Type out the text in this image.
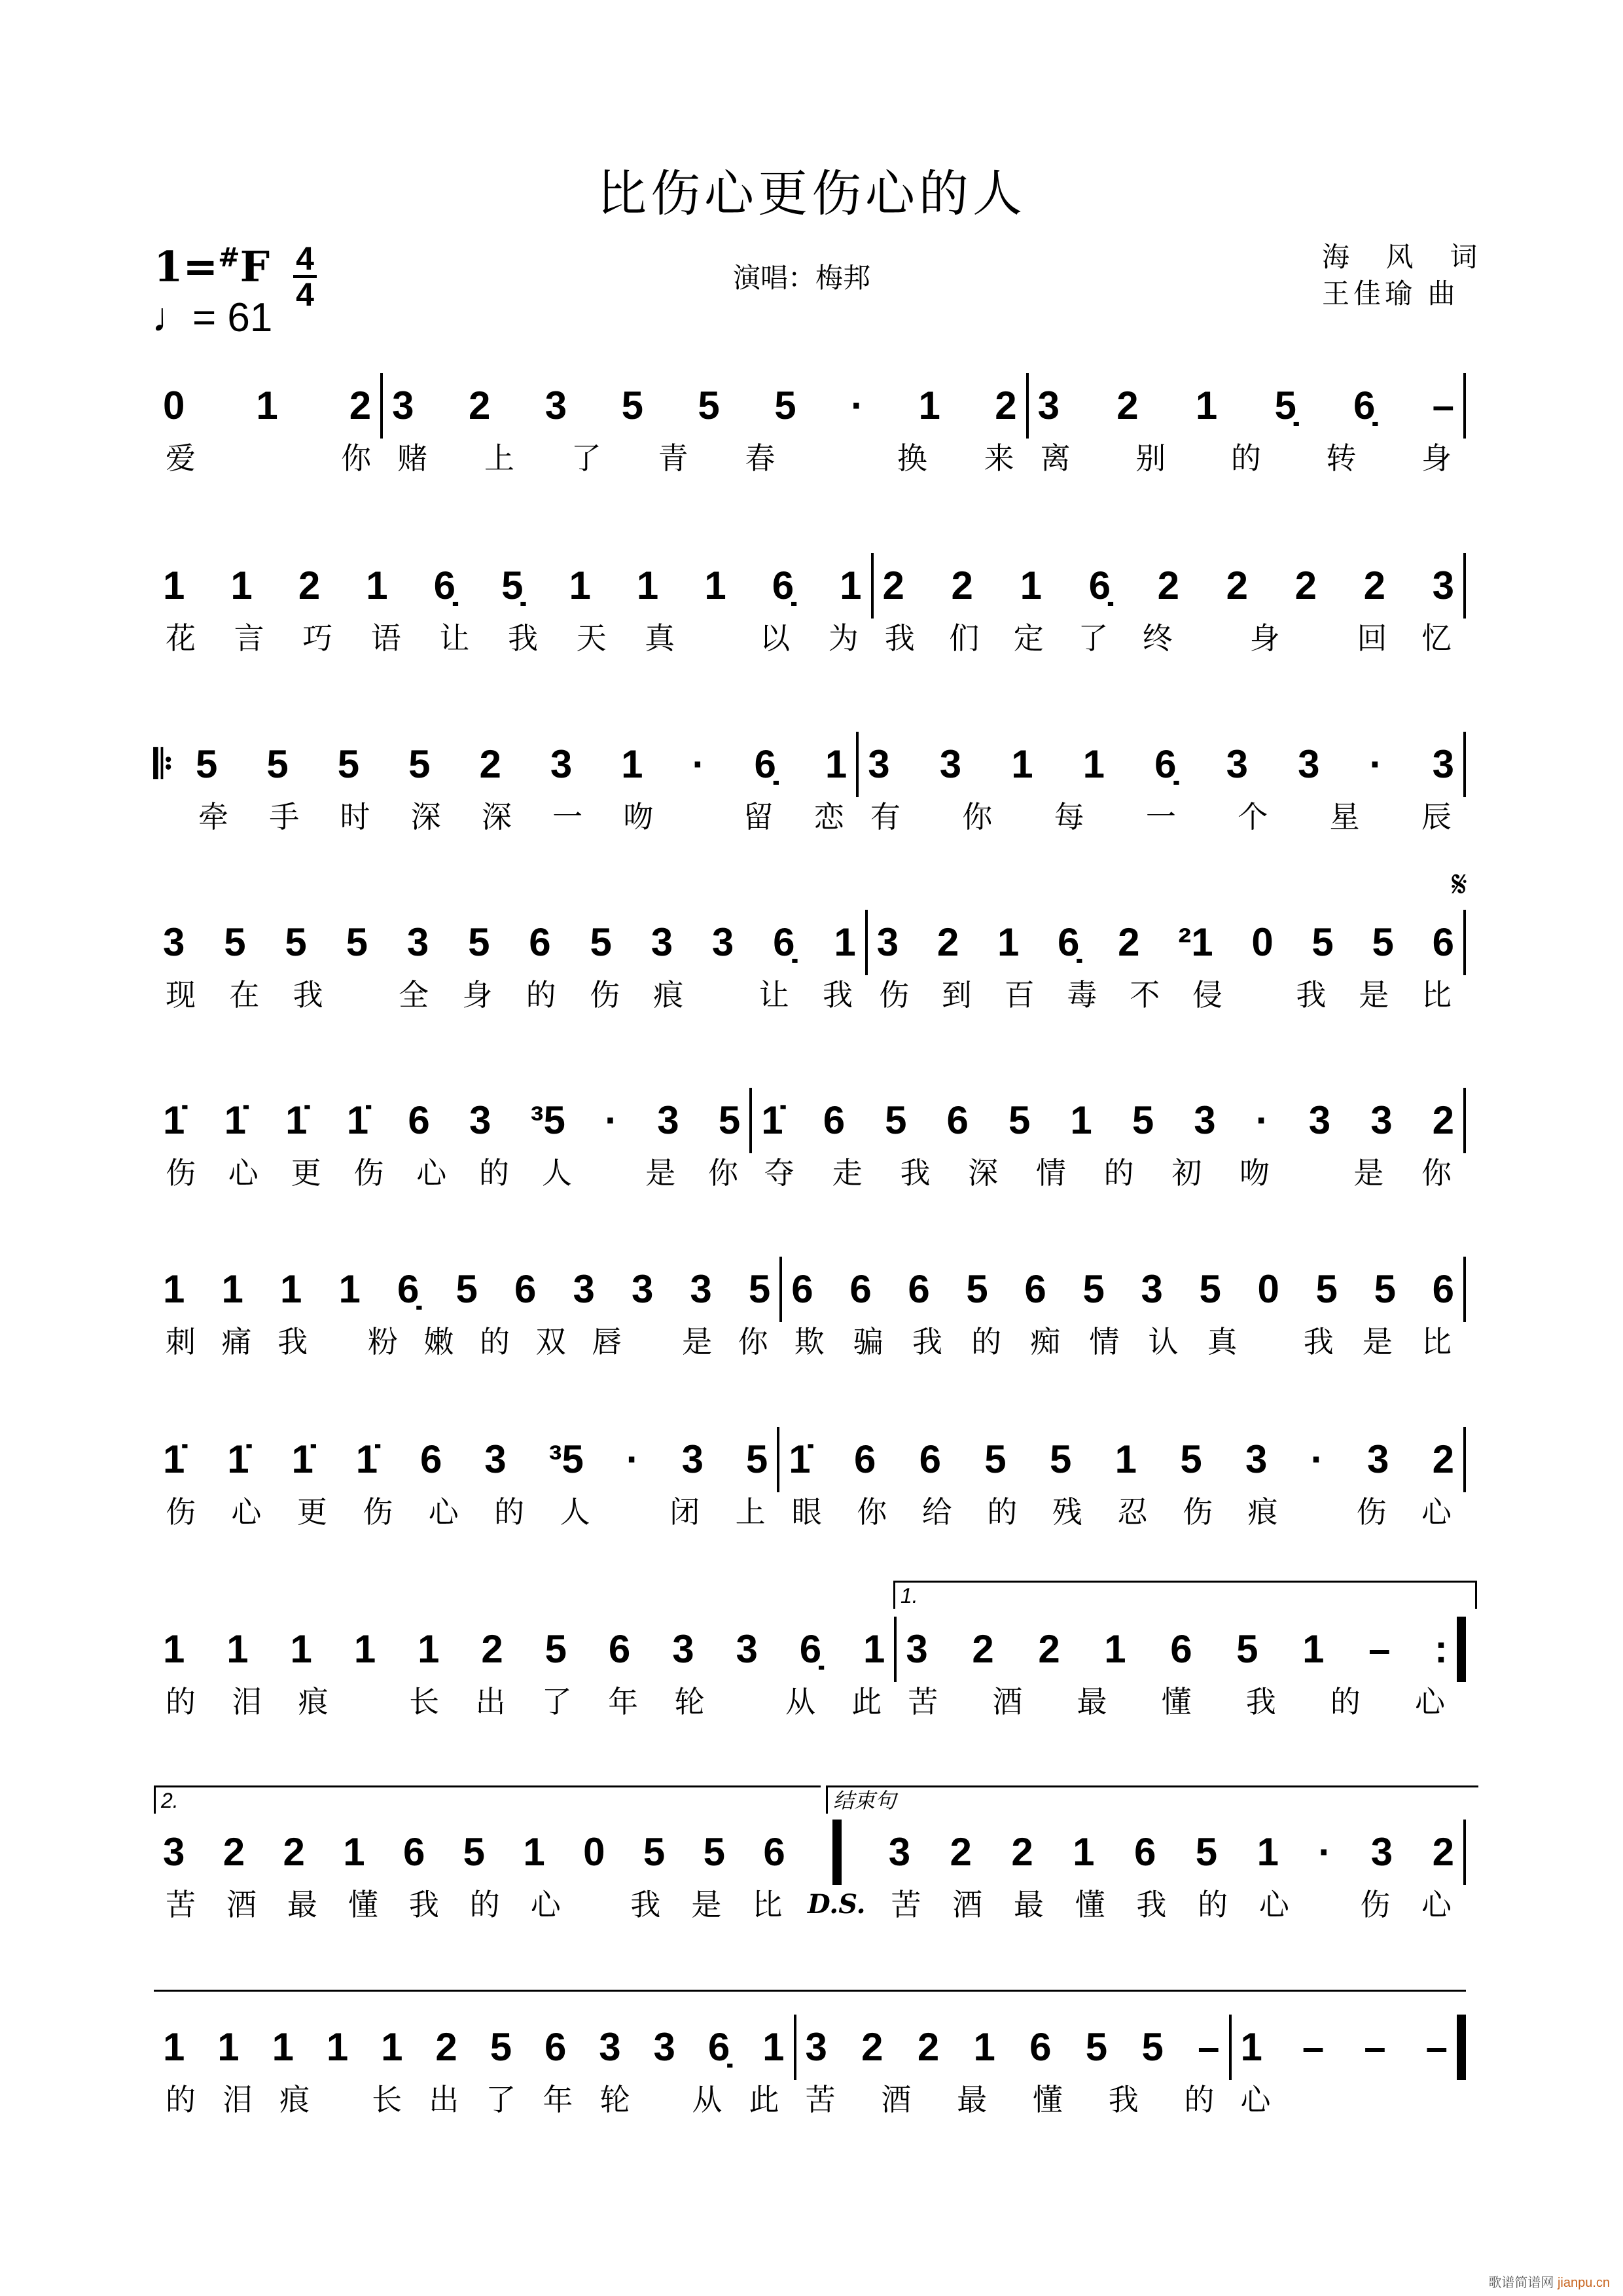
比伤心更伤心的人
1=#F 4
4
♩= 61
演唱：梅邦
海 风 词
王佳瑜 曲
𝄋
歌谱简谱网 jianpu.cn
0 1 2 3 2 3 5 5 5 · 1 2 3 2 1 5̣ 6̣ –
爱你 赌上了青春 换来 离别的转身
1 1 2 1 6̣ 5̣ 1 1 1 6̣ 1 2 2 1 6̣ 2 2 2 2 3
花言巧语让我天真 以为 我们定了终 身 回忆
𝄆 5 5 5 5 2 3 1 · 6̣ 1 3 3 1 1 6̣ 3 3 · 3
牵手时深深一吻 留恋 有你每一个星辰
3 5 5 5 3 5 6 5 3 3 6̣ 1 3 2 1 6̣ 2 ²1 0 5 5 6
现在我 全身的伤痕 让我 伤到百毒不侵 我是比
1̇ 1̇ 1̇ 1̇ 6 3 ³5 · 3 5 1̇ 6 5 6 5 1 5 3 · 3 3 2
伤心更伤心的人 是你 夺走我深情的初吻 是你
1 1 1 1 6̣ 5 6 3 3 3 5 6 6 6 5 6 5 3 5 0 5 5 6
刺痛我 粉嫩的双唇 是你 欺骗我的痴情认真 我是比
1̇ 1̇ 1̇ 1̇ 6 3 ³5 · 3 5 1̇ 6 6 5 5 1 5 3 · 3 2
伤心更伤心的人 闭上 眼你给的残忍伤痕 伤心
1 1 1 1 1 2 5 6 3 3 6̣ 1 3 2 2 1 6 5 1 – :
的泪痕 长出了年轮 从此 苦酒最懂我的心
3 2 2 1 6 5 1 0 5 5 6	3 2 2 1 6 5 1 · 3 2
苦酒最懂我的心 我是比 D.S. 苦酒最懂我的心 伤心
1 1 1 1 1 2 5 6 3 3 6̣ 1 3 2 2 1 6 5 5 – 1 – – –
的泪痕 长出了年轮 从此 苦酒最懂我的 心
1.
2.	结束句
